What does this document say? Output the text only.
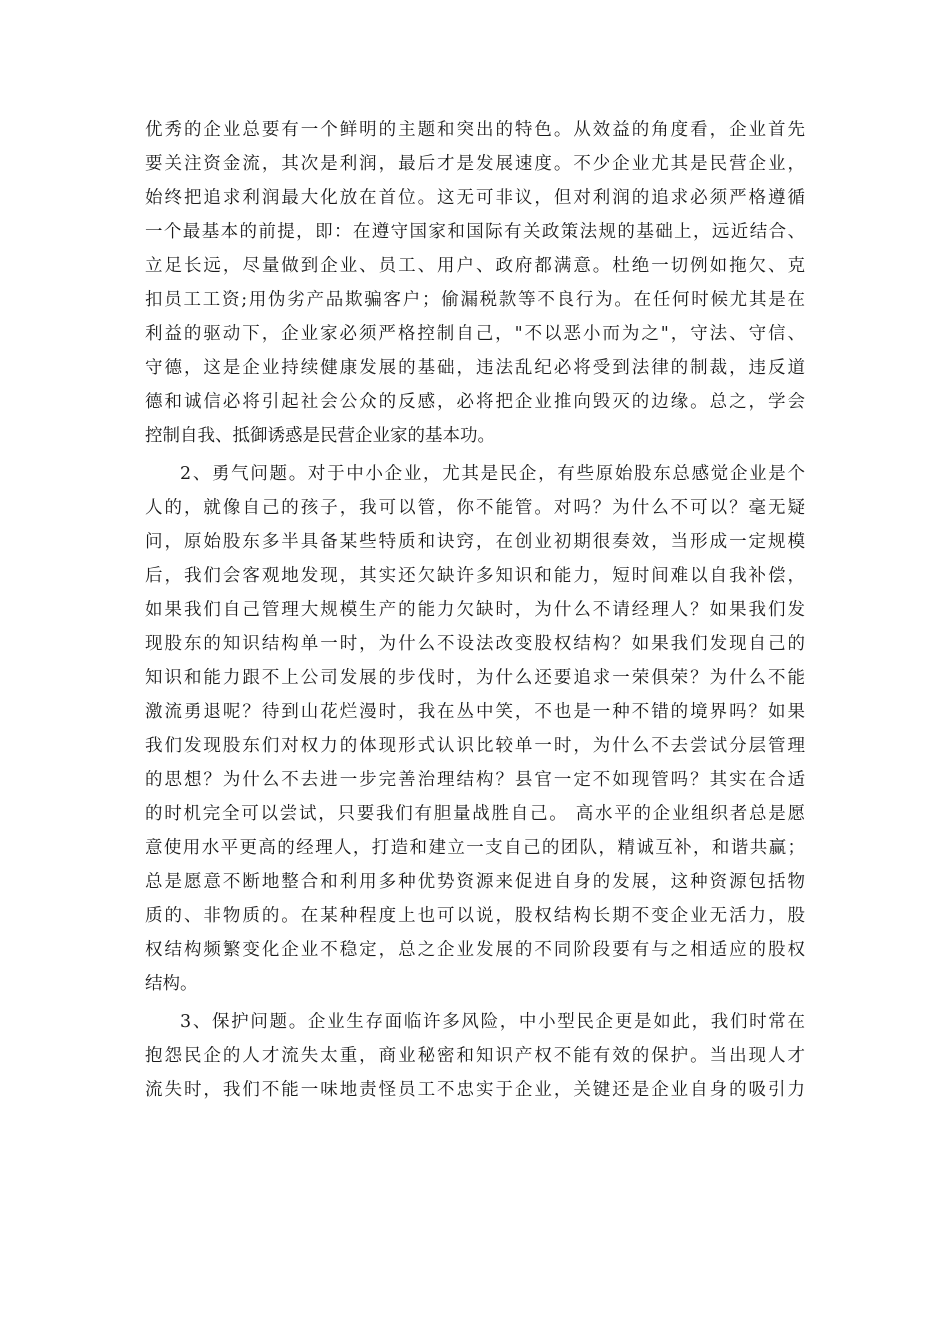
优秀的企业总要有一个鲜明的主题和突出的特色。从效益的角度看，企业首先
要关注资金流，其次是利润，最后才是发展速度。不少企业尤其是民营企业，
始终把追求利润最大化放在首位。这无可非议，但对利润的追求必须严格遵循
一个最基本的前提，即：在遵守国家和国际有关政策法规的基础上，远近结合、
立足长远，尽量做到企业、员工、用户、政府都满意。杜绝一切例如拖欠、克
扣员工工资;用伪劣产品欺骗客户；偷漏税款等不良行为。在任何时候尤其是在
利益的驱动下，企业家必须严格控制自己，"不以恶小而为之"，守法、守信、
守德，这是企业持续健康发展的基础，违法乱纪必将受到法律的制裁，违反道
德和诚信必将引起社会公众的反感，必将把企业推向毁灭的边缘。总之，学会
控制自我、抵御诱惑是民营企业家的基本功。
2、勇气问题。对于中小企业，尤其是民企，有些原始股东总感觉企业是个
人的，就像自己的孩子，我可以管，你不能管。对吗？为什么不可以？毫无疑
问，原始股东多半具备某些特质和诀窍，在创业初期很奏效，当形成一定规模
后，我们会客观地发现，其实还欠缺许多知识和能力，短时间难以自我补偿，
如果我们自己管理大规模生产的能力欠缺时，为什么不请经理人？如果我们发
现股东的知识结构单一时，为什么不设法改变股权结构？如果我们发现自己的
知识和能力跟不上公司发展的步伐时，为什么还要追求一荣俱荣？为什么不能
激流勇退呢？待到山花烂漫时，我在丛中笑，不也是一种不错的境界吗？如果
我们发现股东们对权力的体现形式认识比较单一时，为什么不去尝试分层管理
的思想？为什么不去进一步完善治理结构？县官一定不如现管吗？其实在合适
的时机完全可以尝试，只要我们有胆量战胜自己。 高水平的企业组织者总是愿
意使用水平更高的经理人，打造和建立一支自己的团队，精诚互补，和谐共赢；
总是愿意不断地整合和利用多种优势资源来促进自身的发展，这种资源包括物
质的、非物质的。在某种程度上也可以说，股权结构长期不变企业无活力，股
权结构频繁变化企业不稳定，总之企业发展的不同阶段要有与之相适应的股权
结构。
3、保护问题。企业生存面临许多风险，中小型民企更是如此，我们时常在
抱怨民企的人才流失太重，商业秘密和知识产权不能有效的保护。当出现人才
流失时，我们不能一味地责怪员工不忠实于企业，关键还是企业自身的吸引力
